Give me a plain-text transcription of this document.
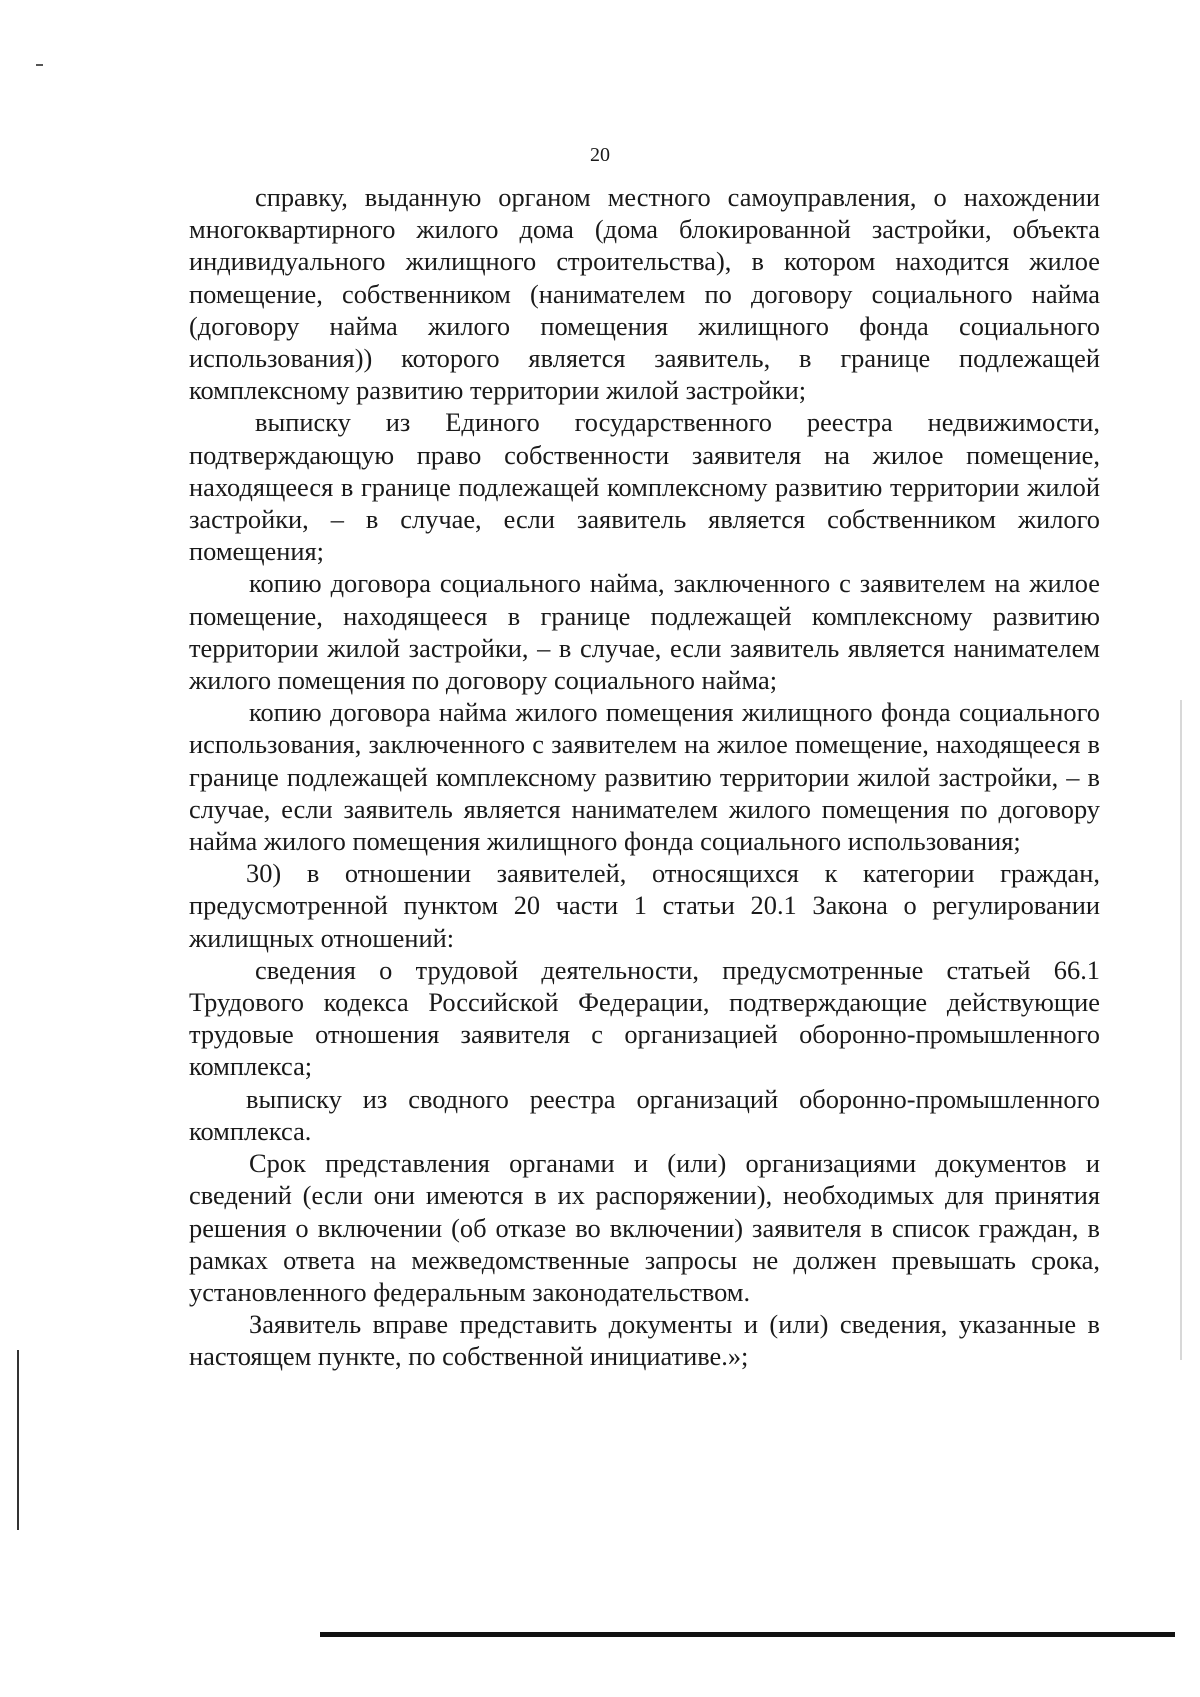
20

справку, выданную органом местного самоуправления, о нахождении многоквартирного жилого дома (дома блокированной застройки, объекта индивидуального жилищного строительства), в котором находится жилое помещение, собственником (нанимателем по договору социального найма (договору найма жилого помещения жилищного фонда социального использования)) которого является заявитель, в границе подлежащей комплексному развитию территории жилой застройки;

выписку из Единого государственного реестра недвижимости, подтверждающую право собственности заявителя на жилое помещение, находящееся в границе подлежащей комплексному развитию территории жилой застройки, – в случае, если заявитель является собственником жилого помещения;

копию договора социального найма, заключенного с заявителем на жилое помещение, находящееся в границе подлежащей комплексному развитию территории жилой застройки, – в случае, если заявитель является нанимателем жилого помещения по договору социального найма;

копию договора найма жилого помещения жилищного фонда социального использования, заключенного с заявителем на жилое помещение, находящееся в границе подлежащей комплексному развитию территории жилой застройки, – в случае, если заявитель является нанимателем жилого помещения по договору найма жилого помещения жилищного фонда социального использования;

30) в отношении заявителей, относящихся к категории граждан, предусмотренной пунктом 20 части 1 статьи 20.1 Закона о регулировании жилищных отношений:

сведения о трудовой деятельности, предусмотренные статьей 66.1 Трудового кодекса Российской Федерации, подтверждающие действующие трудовые отношения заявителя с организацией оборонно-промышленного комплекса;

выписку из сводного реестра организаций оборонно-промышленного комплекса.

Срок представления органами и (или) организациями документов и сведений (если они имеются в их распоряжении), необходимых для принятия решения о включении (об отказе во включении) заявителя в список граждан, в рамках ответа на межведомственные запросы не должен превышать срока, установленного федеральным законодательством.

Заявитель вправе представить документы и (или) сведения, указанные в настоящем пункте, по собственной инициативе.»;
